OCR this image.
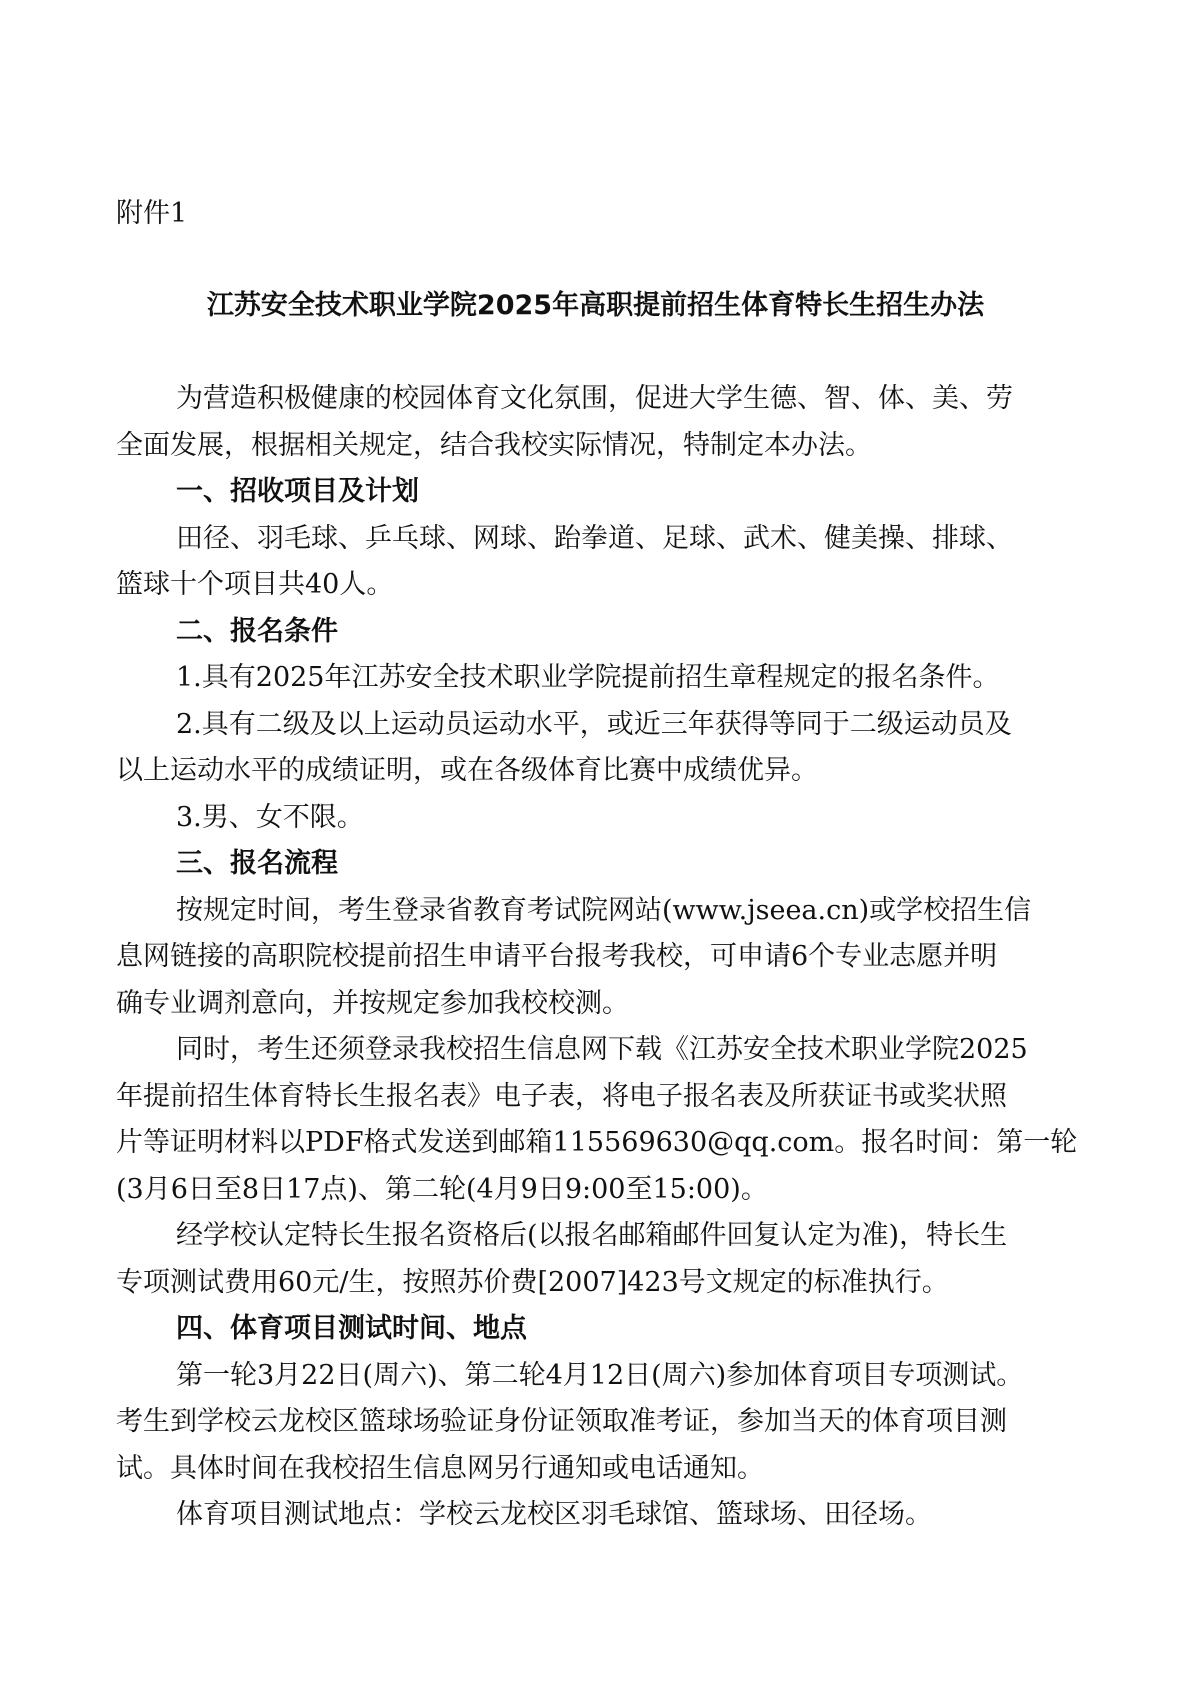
附件1
江苏安全技术职业学院2025年高职提前招生体育特长生招生办法
为营造积极健康的校园体育文化氛围，促进大学生德、智、体、美、劳
全面发展，根据相关规定，结合我校实际情况，特制定本办法。
一、招收项目及计划
田径、羽毛球、乒乓球、网球、跆拳道、足球、武术、健美操、排球、
篮球十个项目共40人。
二、报名条件
1.具有2025年江苏安全技术职业学院提前招生章程规定的报名条件。
2.具有二级及以上运动员运动水平，或近三年获得等同于二级运动员及
以上运动水平的成绩证明，或在各级体育比赛中成绩优异。
3.男、女不限。
三、报名流程
按规定时间，考生登录省教育考试院网站(www.jseea.cn)或学校招生信
息网链接的高职院校提前招生申请平台报考我校，可申请6个专业志愿并明
确专业调剂意向，并按规定参加我校校测。
同时，考生还须登录我校招生信息网下载《江苏安全技术职业学院2025
年提前招生体育特长生报名表》电子表，将电子报名表及所获证书或奖状照
片等证明材料以PDF格式发送到邮箱115569630@qq.com。报名时间：第一轮
(3月6日至8日17点)、第二轮(4月9日9:00至15:00)。
经学校认定特长生报名资格后(以报名邮箱邮件回复认定为准)，特长生
专项测试费用60元/生，按照苏价费[2007]423号文规定的标准执行。
四、体育项目测试时间、地点
第一轮3月22日(周六)、第二轮4月12日(周六)参加体育项目专项测试。
考生到学校云龙校区篮球场验证身份证领取准考证，参加当天的体育项目测
试。具体时间在我校招生信息网另行通知或电话通知。
体育项目测试地点：学校云龙校区羽毛球馆、篮球场、田径场。
